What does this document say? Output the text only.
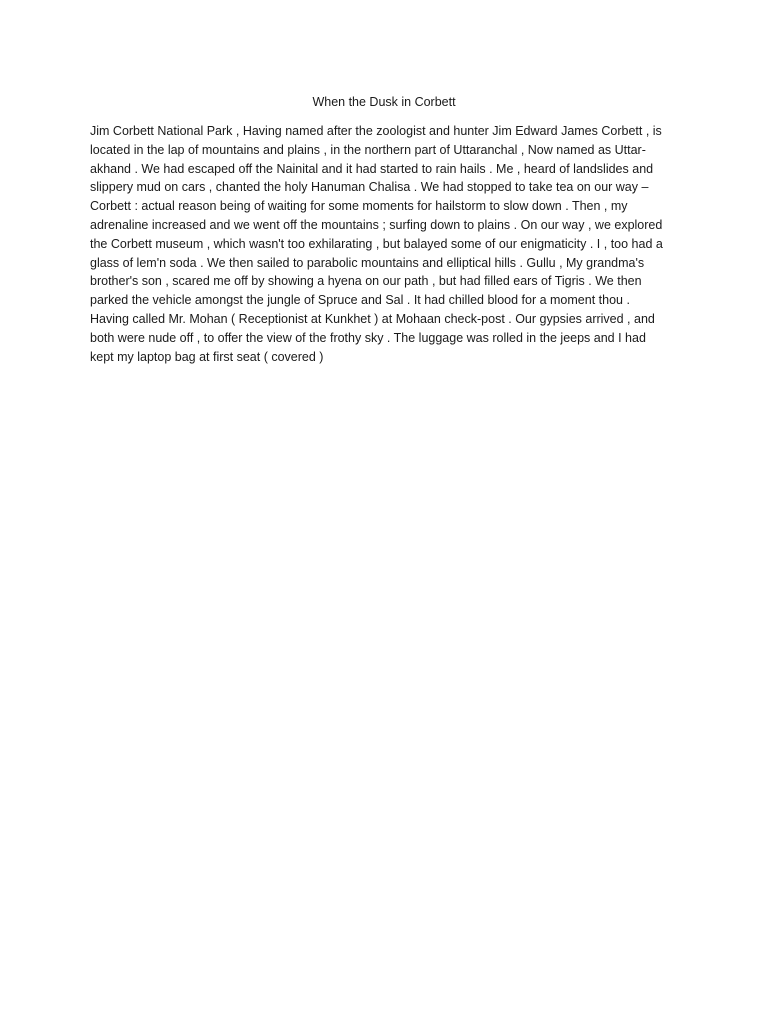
When the Dusk in Corbett
Jim Corbett National Park , Having named after the zoologist and hunter Jim Edward James Corbett , is
located in the lap of mountains and plains , in the northern part of Uttaranchal , Now named as Uttar-
akhand . We had escaped off the Nainital and it had started to rain hails . Me , heard of landslides and
slippery mud on cars , chanted the holy Hanuman Chalisa . We had stopped to take tea on our way –
Corbett : actual reason being of waiting for some moments for hailstorm to slow down . Then , my
adrenaline increased and we went off the mountains ; surfing down to plains . On our way , we explored
the Corbett museum , which wasn't too exhilarating , but balayed some of our enigmaticity . I , too had a
glass of lem'n soda . We then sailed to parabolic mountains and elliptical hills . Gullu , My grandma's
brother's son , scared me off by showing a hyena on our path , but had filled ears of Tigris . We then
parked the vehicle amongst the jungle of Spruce and Sal . It had chilled blood for a moment thou .
Having called Mr. Mohan ( Receptionist at Kunkhet ) at Mohaan check-post . Our gypsies arrived , and
both were nude off , to offer the view of the frothy sky . The luggage was rolled in the jeeps and I had
kept my laptop bag at first seat ( covered )
